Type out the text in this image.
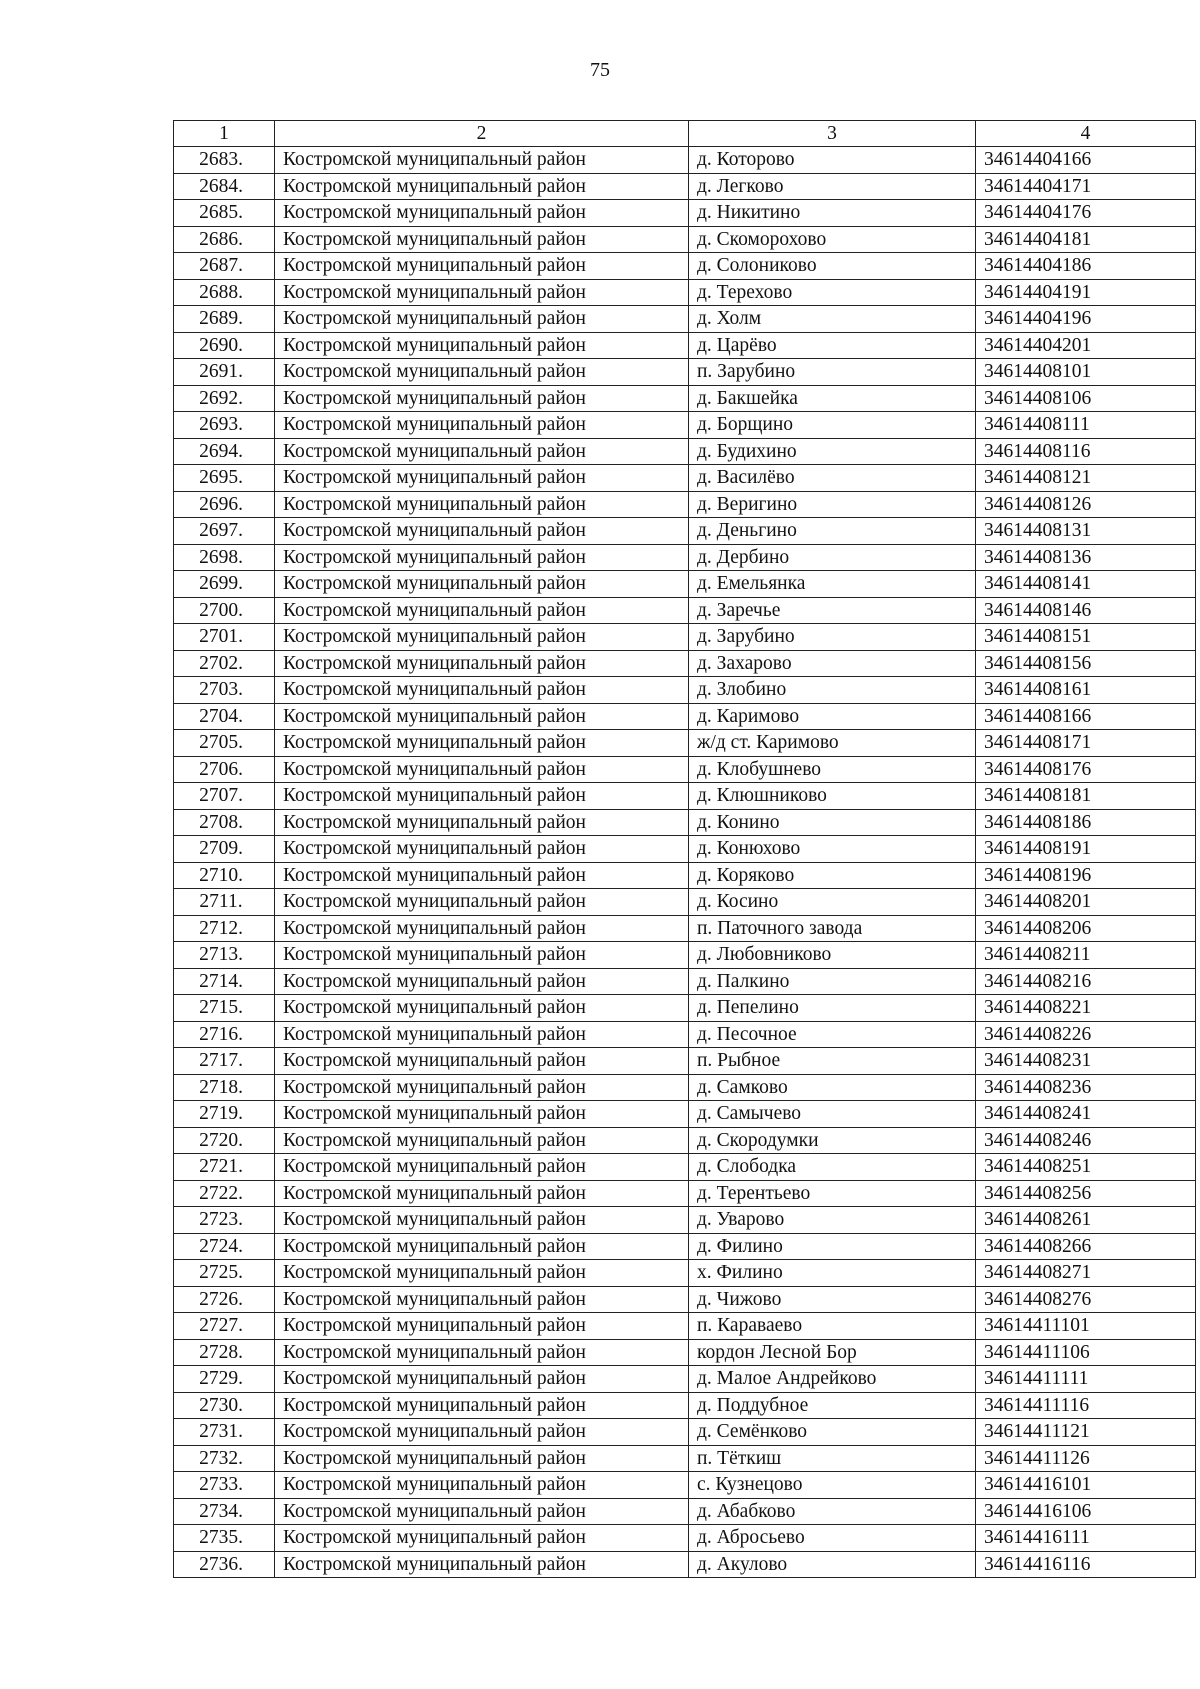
75
1	2	3	4
2683.	Костромской муниципальный район	д. Которово	34614404166
2684.	Костромской муниципальный район	д. Легково	34614404171
2685.	Костромской муниципальный район	д. Никитино	34614404176
2686.	Костромской муниципальный район	д. Скоморохово	34614404181
2687.	Костромской муниципальный район	д. Солониково	34614404186
2688.	Костромской муниципальный район	д. Терехово	34614404191
2689.	Костромской муниципальный район	д. Холм	34614404196
2690.	Костромской муниципальный район	д. Царёво	34614404201
2691.	Костромской муниципальный район	п. Зарубино	34614408101
2692.	Костромской муниципальный район	д. Бакшейка	34614408106
2693.	Костромской муниципальный район	д. Борщино	34614408111
2694.	Костромской муниципальный район	д. Будихино	34614408116
2695.	Костромской муниципальный район	д. Василёво	34614408121
2696.	Костромской муниципальный район	д. Веригино	34614408126
2697.	Костромской муниципальный район	д. Деньгино	34614408131
2698.	Костромской муниципальный район	д. Дербино	34614408136
2699.	Костромской муниципальный район	д. Емельянка	34614408141
2700.	Костромской муниципальный район	д. Заречье	34614408146
2701.	Костромской муниципальный район	д. Зарубино	34614408151
2702.	Костромской муниципальный район	д. Захарово	34614408156
2703.	Костромской муниципальный район	д. Злобино	34614408161
2704.	Костромской муниципальный район	д. Каримово	34614408166
2705.	Костромской муниципальный район	ж/д ст. Каримово	34614408171
2706.	Костромской муниципальный район	д. Клобушнево	34614408176
2707.	Костромской муниципальный район	д. Клюшниково	34614408181
2708.	Костромской муниципальный район	д. Конино	34614408186
2709.	Костромской муниципальный район	д. Конюхово	34614408191
2710.	Костромской муниципальный район	д. Коряково	34614408196
2711.	Костромской муниципальный район	д. Косино	34614408201
2712.	Костромской муниципальный район	п. Паточного завода	34614408206
2713.	Костромской муниципальный район	д. Любовниково	34614408211
2714.	Костромской муниципальный район	д. Палкино	34614408216
2715.	Костромской муниципальный район	д. Пепелино	34614408221
2716.	Костромской муниципальный район	д. Песочное	34614408226
2717.	Костромской муниципальный район	п. Рыбное	34614408231
2718.	Костромской муниципальный район	д. Самково	34614408236
2719.	Костромской муниципальный район	д. Самычево	34614408241
2720.	Костромской муниципальный район	д. Скородумки	34614408246
2721.	Костромской муниципальный район	д. Слободка	34614408251
2722.	Костромской муниципальный район	д. Терентьево	34614408256
2723.	Костромской муниципальный район	д. Уварово	34614408261
2724.	Костромской муниципальный район	д. Филино	34614408266
2725.	Костромской муниципальный район	х. Филино	34614408271
2726.	Костромской муниципальный район	д. Чижово	34614408276
2727.	Костромской муниципальный район	п. Караваево	34614411101
2728.	Костромской муниципальный район	кордон Лесной Бор	34614411106
2729.	Костромской муниципальный район	д. Малое Андрейково	34614411111
2730.	Костромской муниципальный район	д. Поддубное	34614411116
2731.	Костромской муниципальный район	д. Семёнково	34614411121
2732.	Костромской муниципальный район	п. Тёткиш	34614411126
2733.	Костромской муниципальный район	с. Кузнецово	34614416101
2734.	Костромской муниципальный район	д. Абабково	34614416106
2735.	Костромской муниципальный район	д. Абросьево	34614416111
2736.	Костромской муниципальный район	д. Акулово	34614416116
